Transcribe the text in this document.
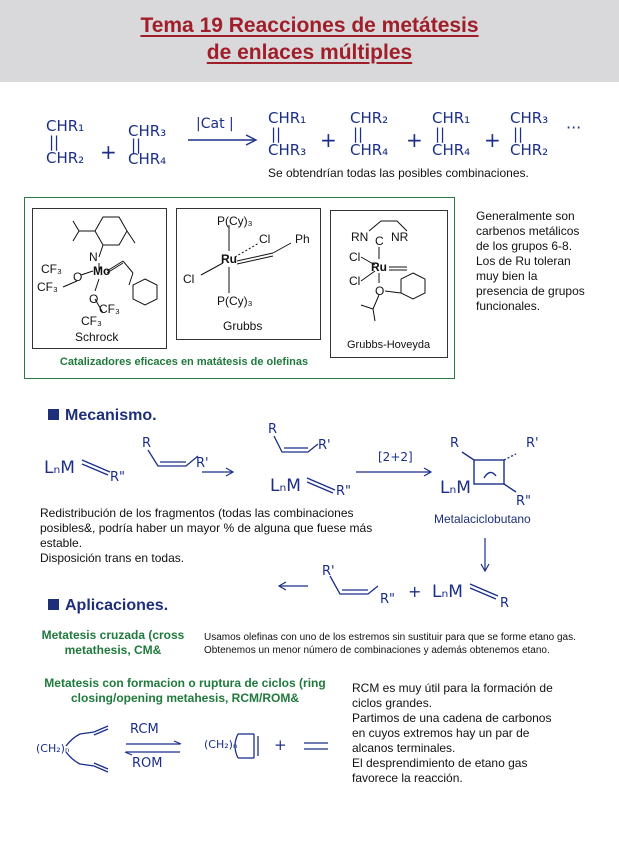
Tema 19 Reacciones de metátesis
de enlaces múltiples
CHR₁
||
CHR₂ +
CHR₃
||
CHR₄
|Cat | CHR₁
||
CHR₃ +
CHR₂
||
CHR₄ +
CHR₁
||
CHR₄ +
CHR₃
||
CHR₂
···
Se obtendrían todas las posibles combinaciones.
N
Mo
O
O
CF₃
CF₃
CF₃
CF₃
Schrock
P(Cy)₃
Ru
Cl
Cl
Ph
P(Cy)₃
Grubbs
RN C NR
Ru
Cl
Cl
O
Grubbs-Hoveyda
Catalizadores eficaces en matátesis de olefinas
Generalmente son carbenos metálicos de los grupos 6-8.
Los de Ru toleran muy bien la presencia de grupos funcionales.
Mecanismo.
LₙM	R"
R
R'
R
R'
LₙM	R"
[2+2]
R	R'
LₙM
R"
Metalaciclobutano
R'
R" + LₙM
R
Redistribución de los fragmentos (todas las combinaciones
posibles&, podría haber un mayor % de alguna que fuese más
estable.
Disposición trans en todas.
Aplicaciones.
Metatesis cruzada (cross metathesis, CM&
Usamos olefinas con uno de los estremos sin sustituir para que se forme etano gas.
Obtenemos un menor número de combinaciones y además obtenemos etano.
Metatesis con formacion o ruptura de ciclos (ring closing/opening metahesis, RCM/ROM&
RCM es muy útil para la formación de ciclos grandes.
Partimos de una cadena de carbonos en cuyos extremos hay un par de alcanos terminales.
El desprendimiento de etano gas favorece la reacción.
(CH₂)ₙ
RCM
ROM
(CH₂)ₙ +
